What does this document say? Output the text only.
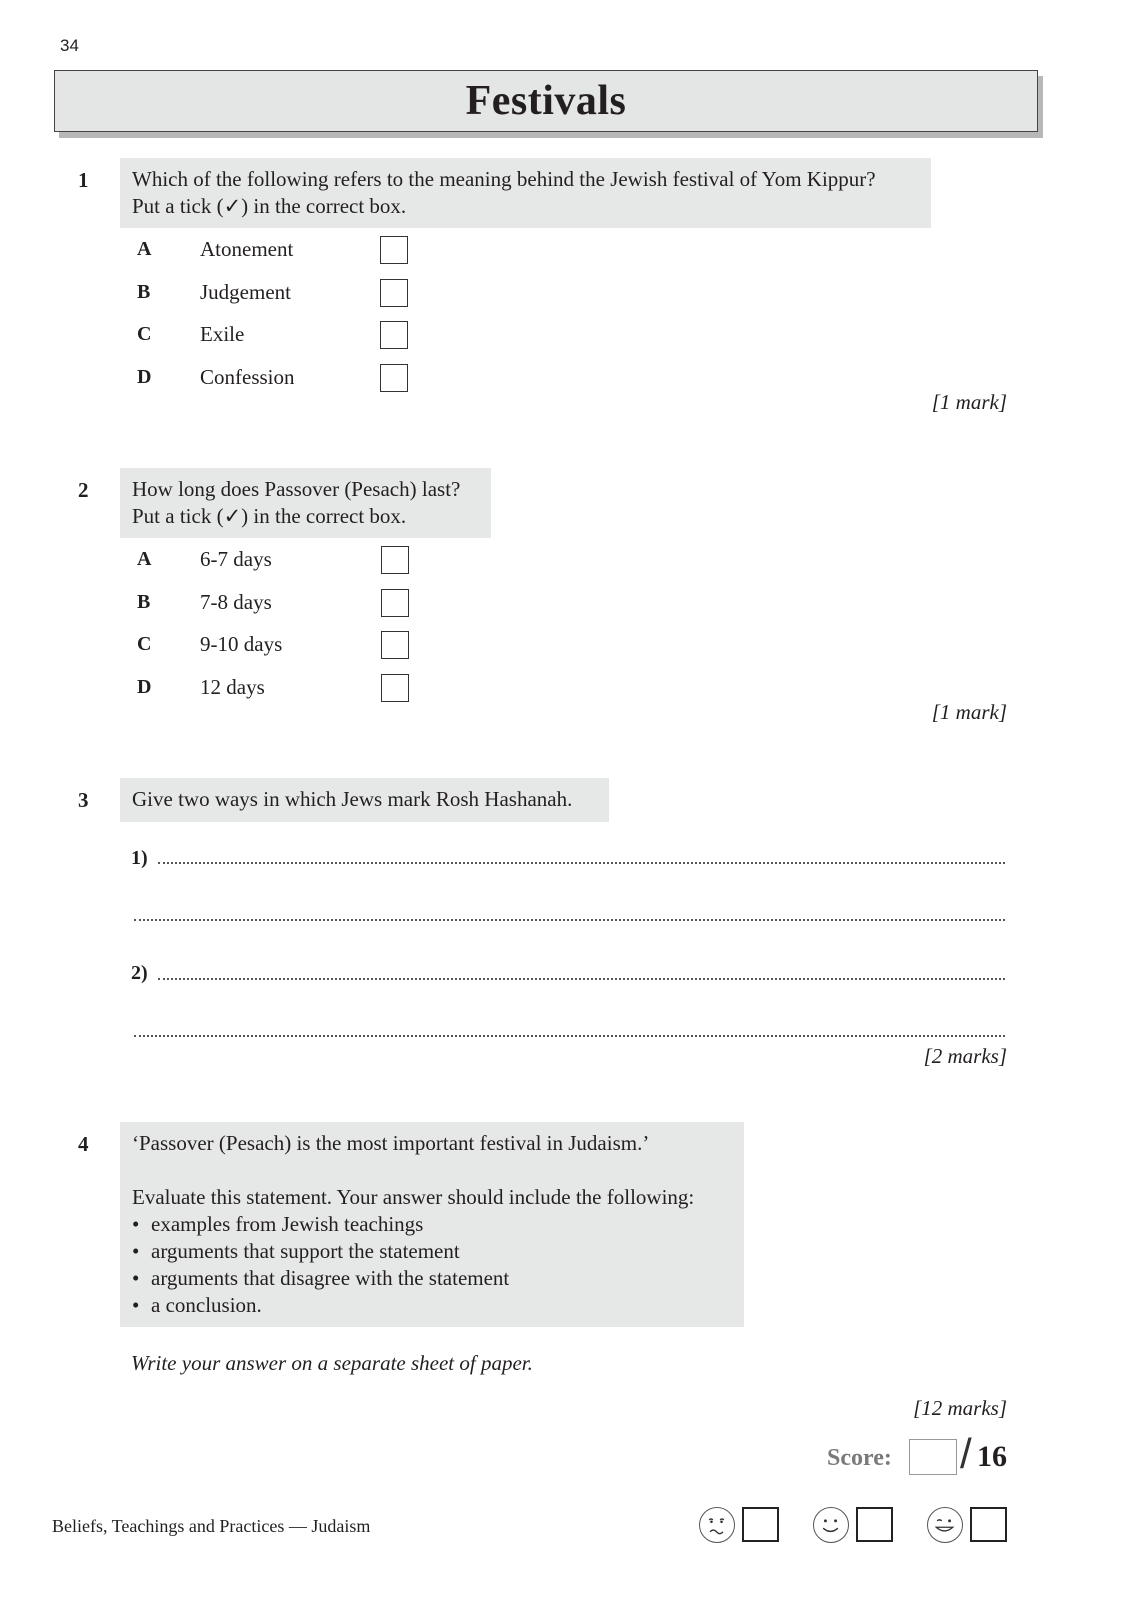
34
Festivals
1 Which of the following refers to the meaning behind the Jewish festival of Yom Kippur?
Put a tick (✓) in the correct box.
A Atonement
B Judgement
C Exile
D Confession
[1 mark]
2 How long does Passover (Pesach) last?
Put a tick (✓) in the correct box.
A 6-7 days
B 7-8 days
C 9-10 days
D 12 days
[1 mark]
3 Give two ways in which Jews mark Rosh Hashanah.
1)
2)
[2 marks]
4 ‘Passover (Pesach) is the most important festival in Judaism.’
Evaluate this statement. Your answer should include the following:
• examples from Jewish teachings
• arguments that support the statement
• arguments that disagree with the statement
• a conclusion.
Write your answer on a separate sheet of paper.
[12 marks]
Score: / 16
Beliefs, Teachings and Practices — Judaism
